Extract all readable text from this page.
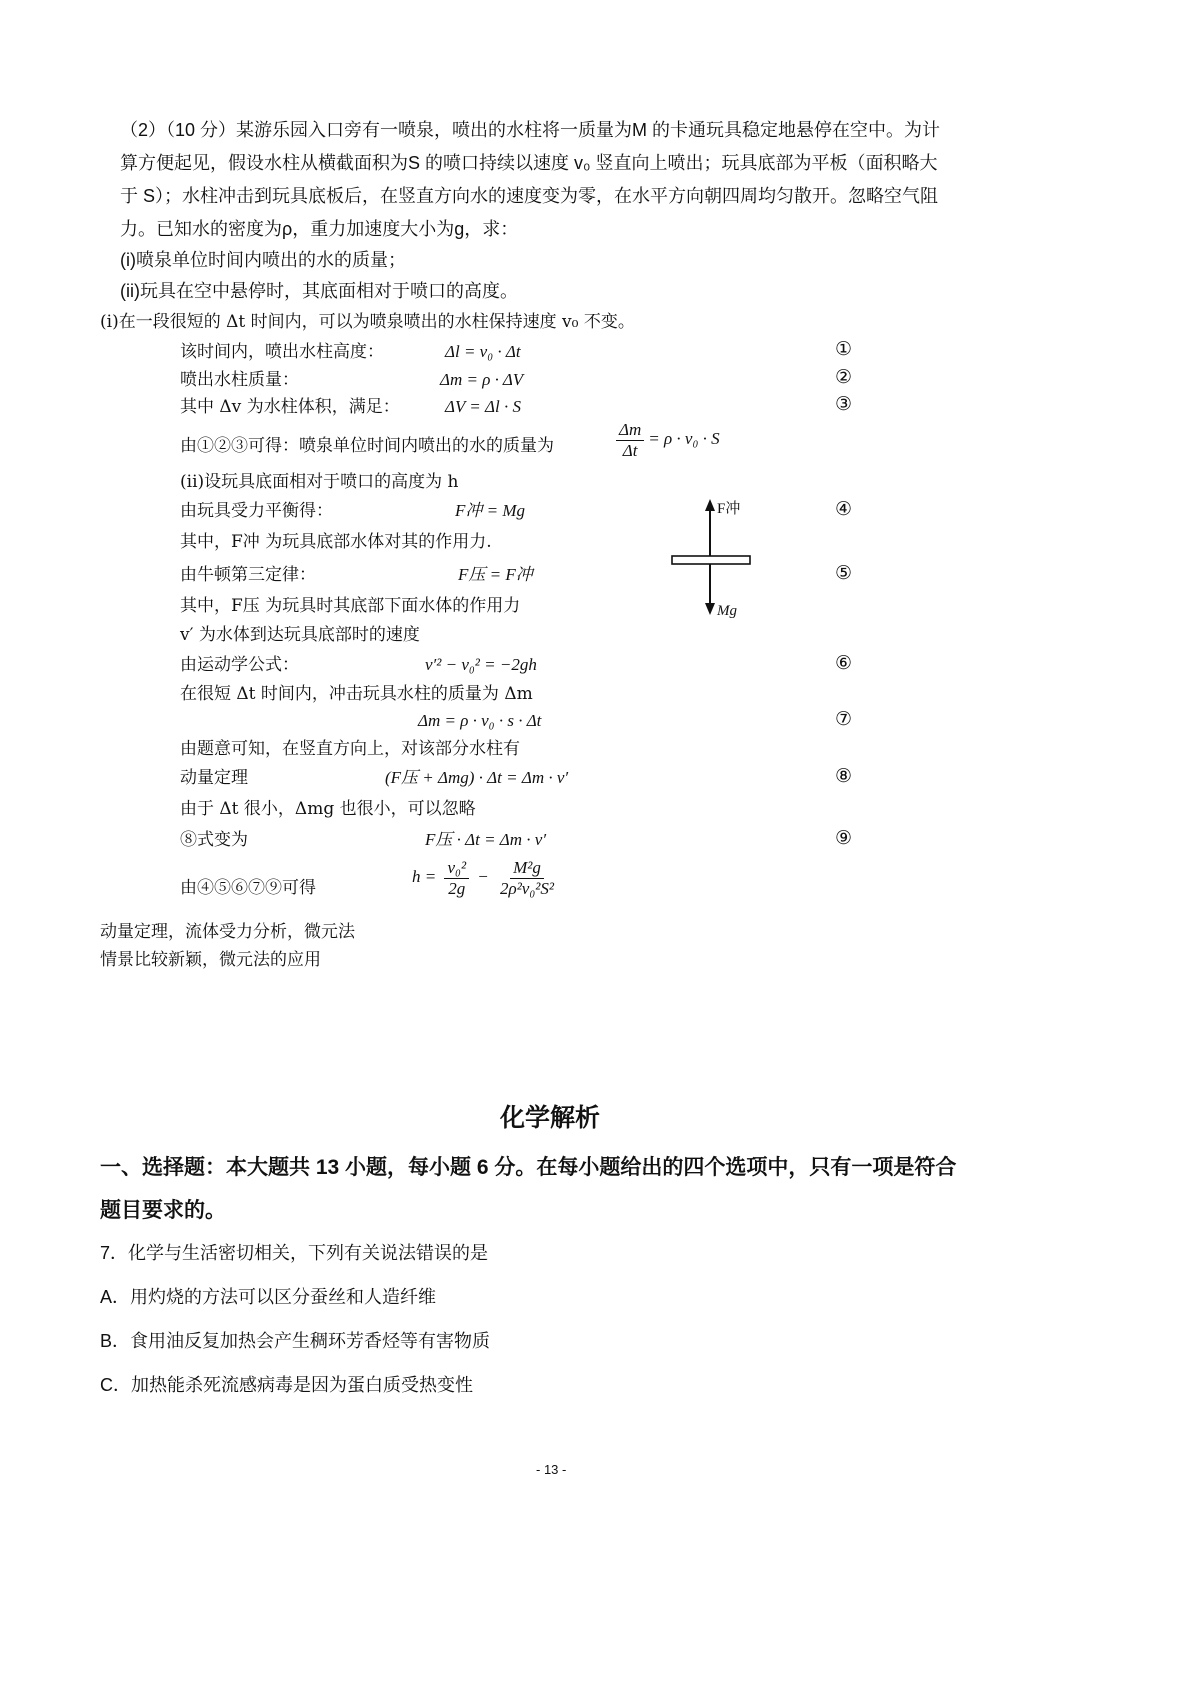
（2）（10 分）某游乐园入口旁有一喷泉，喷出的水柱将一质量为M 的卡通玩具稳定地悬停在空中。为计
算方便起见，假设水柱从横截面积为S 的喷口持续以速度 v₀ 竖直向上喷出；玩具底部为平板（面积略大
于 S）；水柱冲击到玩具底板后，在竖直方向水的速度变为零，在水平方向朝四周均匀散开。忽略空气阻
力。已知水的密度为ρ，重力加速度大小为g，求：
(i)喷泉单位时间内喷出的水的质量；
(ii)玩具在空中悬停时，其底面相对于喷口的高度。
(i)在一段很短的 Δt 时间内，可以为喷泉喷出的水柱保持速度 v₀ 不变。
该时间内，喷出水柱高度：	Δl = v₀ · Δt	①
喷出水柱质量：	Δm = ρ · ΔV	②
其中 Δv 为水柱体积，满足：	ΔV = Δl · S	③
由①②③可得：喷泉单位时间内喷出的水的质量为	$\frac{\Delta m}{\Delta t} = \rho \cdot v_0 \cdot S$
(ii)设玩具底面相对于喷口的高度为 h
由玩具受力平衡得：	F冲 = Mg	④
其中，F冲 为玩具底部水体对其的作用力.
由牛顿第三定律：	F压 = F冲	⑤
其中，F压 为玩具时其底部下面水体的作用力
v′ 为水体到达玩具底部时的速度
F冲
Mg
由运动学公式：	v′² − v₀² = −2gh	⑥
在很短 Δt 时间内，冲击玩具水柱的质量为 Δm
Δm = ρ · v₀ · s · Δt	⑦
由题意可知，在竖直方向上，对该部分水柱有
动量定理	(F压 + Δmg) · Δt = Δm · v′	⑧
由于 Δt 很小，Δmg 也很小，可以忽略
⑧式变为	F压 · Δt = Δm · v′	⑨
由④⑤⑥⑦⑨可得
$h = \frac{\text{v₀²}}{2g} - \frac{\text{M²g}}{\text{2ρ²v₀²S²}}$
动量定理，流体受力分析，微元法
情景比较新颖，微元法的应用
化学解析
一、选择题：本大题共 13 小题，每小题 6 分。在每小题给出的四个选项中，只有一项是符合
题目要求的。
7．化学与生活密切相关，下列有关说法错误的是
A．用灼烧的方法可以区分蚕丝和人造纤维
B．食用油反复加热会产生稠环芳香烃等有害物质
C．加热能杀死流感病毒是因为蛋白质受热变性
- 13 -
